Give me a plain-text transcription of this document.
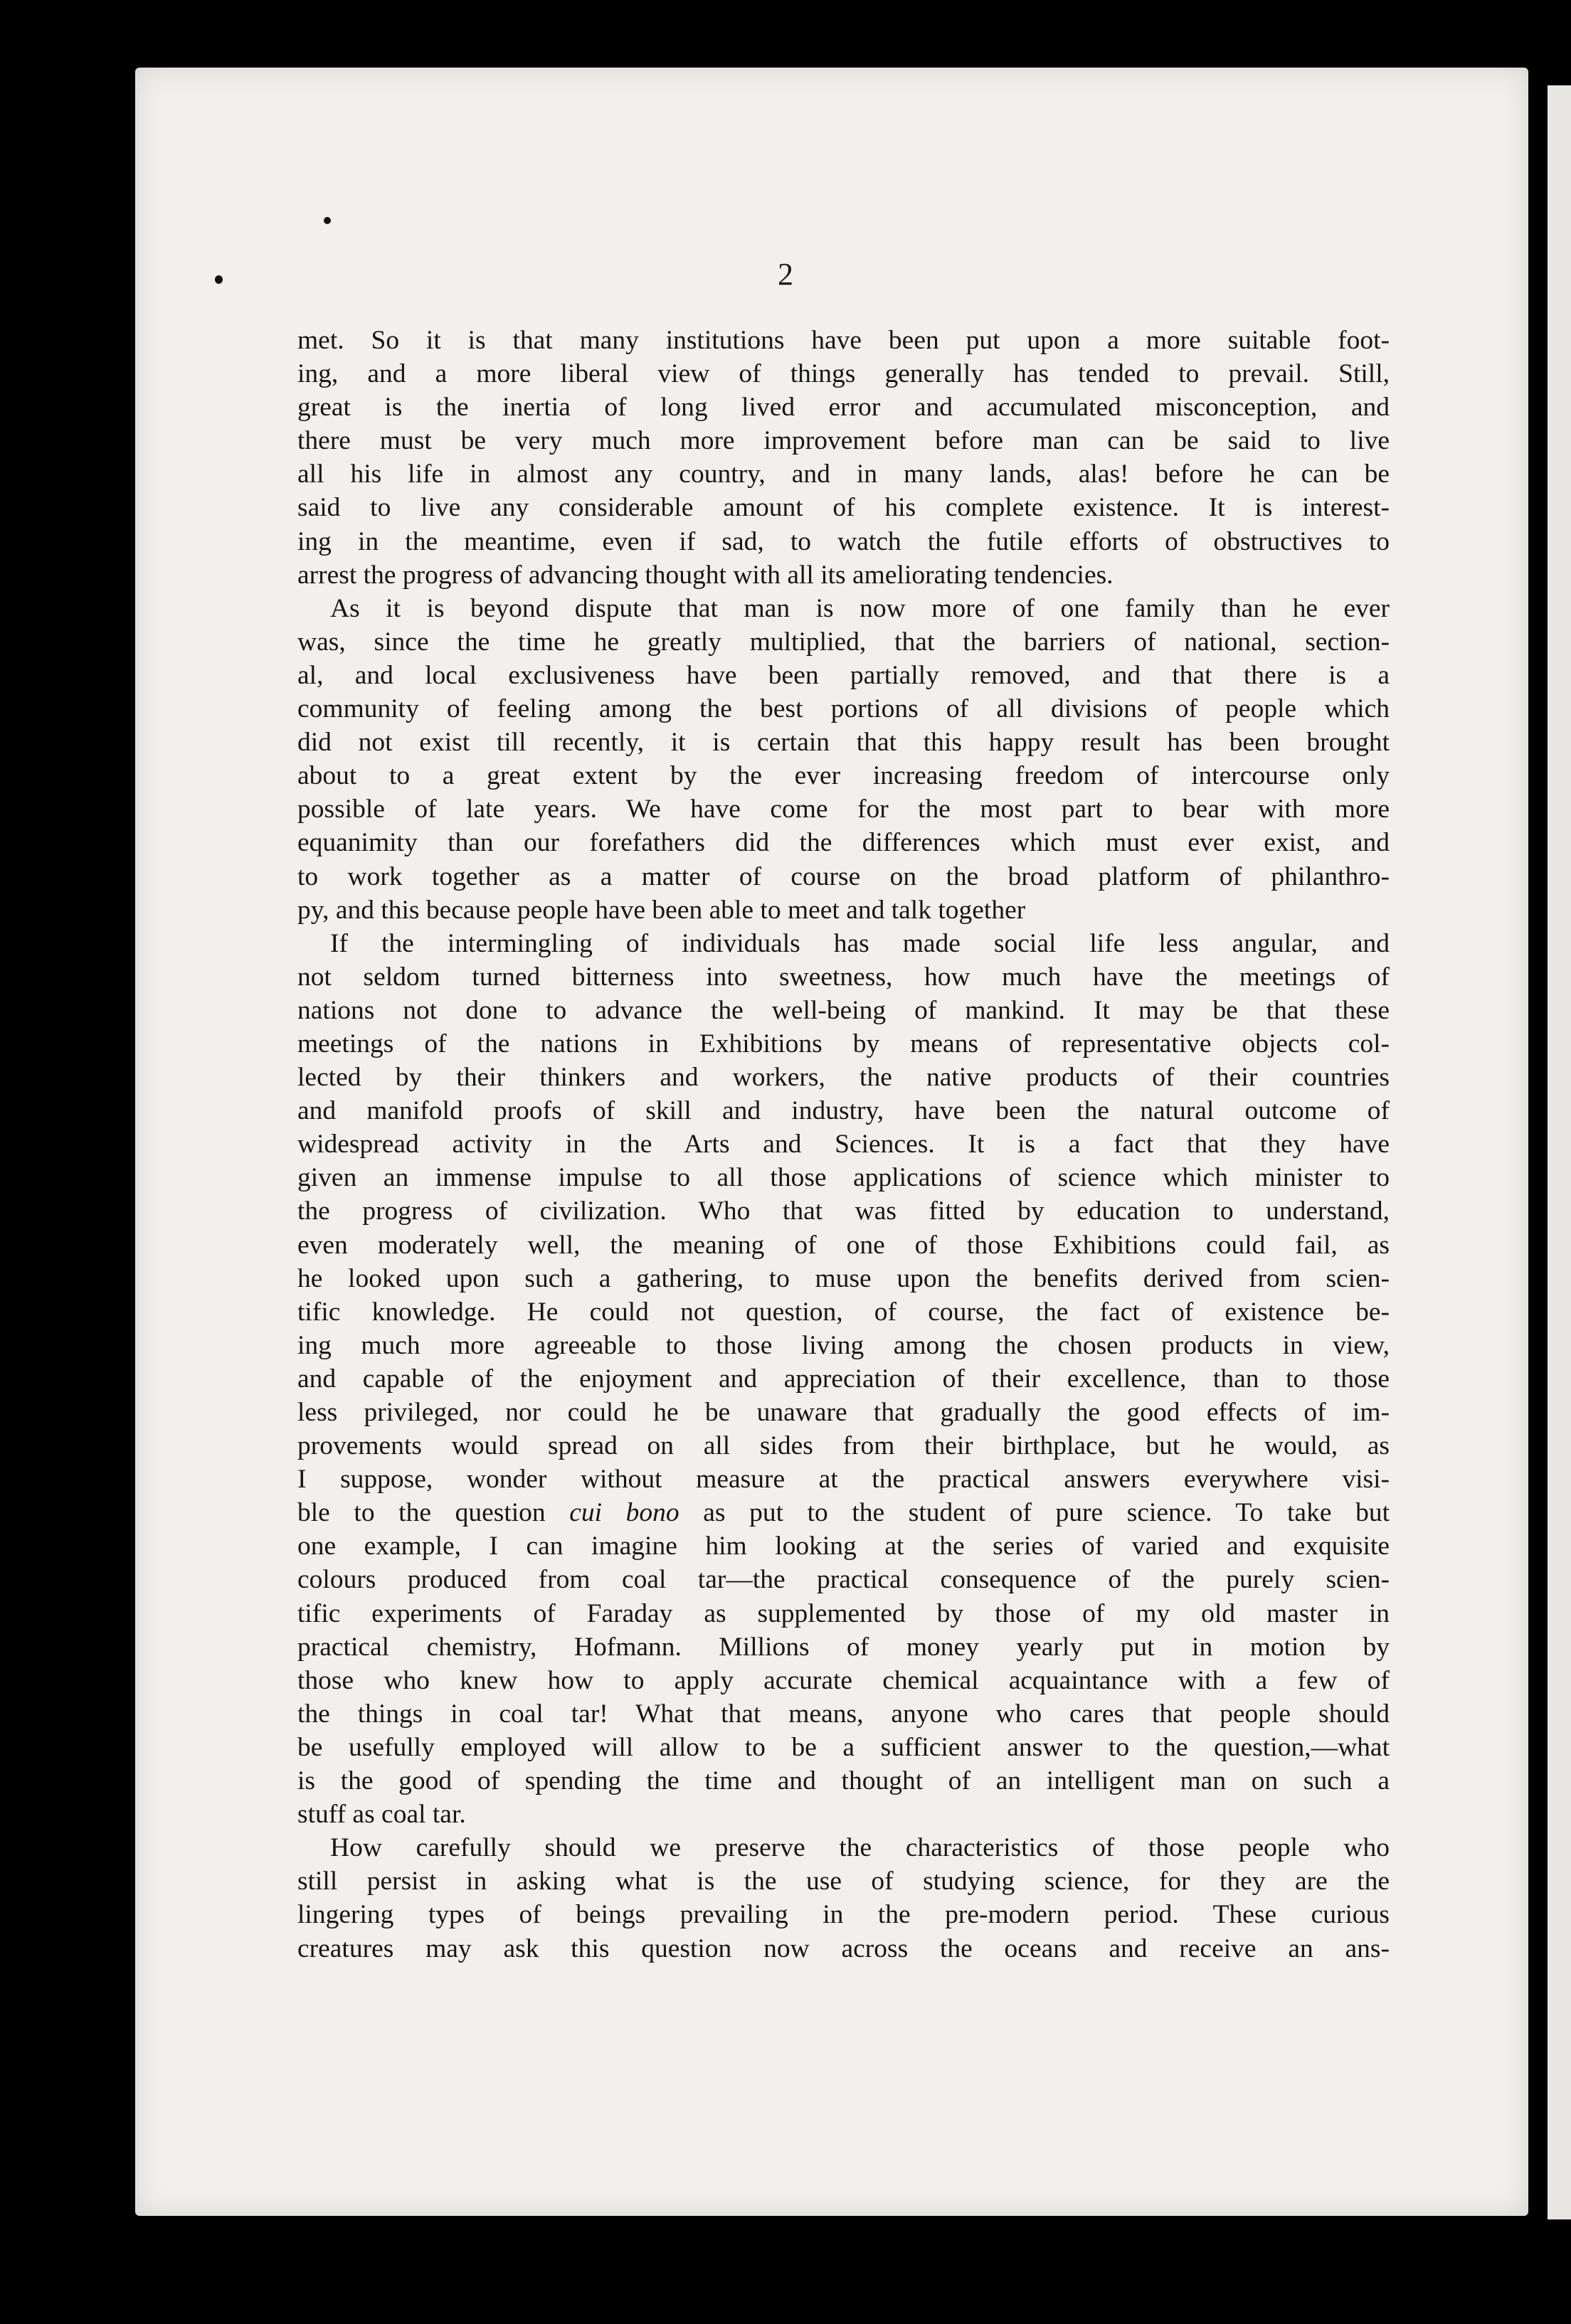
2
met. So it is that many institutions have been put upon a more suitable foot-
ing, and a more liberal view of things generally has tended to prevail. Still,
great is the inertia of long lived error and accumulated misconception, and
there must be very much more improvement before man can be said to live
all his life in almost any country, and in many lands, alas! before he can be
said to live any considerable amount of his complete existence. It is interest-
ing in the meantime, even if sad, to watch the futile efforts of obstructives to
arrest the progress of advancing thought with all its ameliorating tendencies.
As it is beyond dispute that man is now more of one family than he ever
was, since the time he greatly multiplied, that the barriers of national, section-
al, and local exclusiveness have been partially removed, and that there is a
community of feeling among the best portions of all divisions of people which
did not exist till recently, it is certain that this happy result has been brought
about to a great extent by the ever increasing freedom of intercourse only
possible of late years. We have come for the most part to bear with more
equanimity than our forefathers did the differences which must ever exist, and
to work together as a matter of course on the broad platform of philanthro-
py, and this because people have been able to meet and talk together
If the intermingling of individuals has made social life less angular, and
not seldom turned bitterness into sweetness, how much have the meetings of
nations not done to advance the well-being of mankind. It may be that these
meetings of the nations in Exhibitions by means of representative objects col-
lected by their thinkers and workers, the native products of their countries
and manifold proofs of skill and industry, have been the natural outcome of
widespread activity in the Arts and Sciences. It is a fact that they have
given an immense impulse to all those applications of science which minister to
the progress of civilization. Who that was fitted by education to understand,
even moderately well, the meaning of one of those Exhibitions could fail, as
he looked upon such a gathering, to muse upon the benefits derived from scien-
tific knowledge. He could not question, of course, the fact of existence be-
ing much more agreeable to those living among the chosen products in view,
and capable of the enjoyment and appreciation of their excellence, than to those
less privileged, nor could he be unaware that gradually the good effects of im-
provements would spread on all sides from their birthplace, but he would, as
I suppose, wonder without measure at the practical answers everywhere visi-
ble to the question cui bono as put to the student of pure science. To take but
one example, I can imagine him looking at the series of varied and exquisite
colours produced from coal tar—the practical consequence of the purely scien-
tific experiments of Faraday as supplemented by those of my old master in
practical chemistry, Hofmann. Millions of money yearly put in motion by
those who knew how to apply accurate chemical acquaintance with a few of
the things in coal tar! What that means, anyone who cares that people should
be usefully employed will allow to be a sufficient answer to the question,—what
is the good of spending the time and thought of an intelligent man on such a
stuff as coal tar.
How carefully should we preserve the characteristics of those people who
still persist in asking what is the use of studying science, for they are the
lingering types of beings prevailing in the pre-modern period. These curious
creatures may ask this question now across the oceans and receive an ans-
